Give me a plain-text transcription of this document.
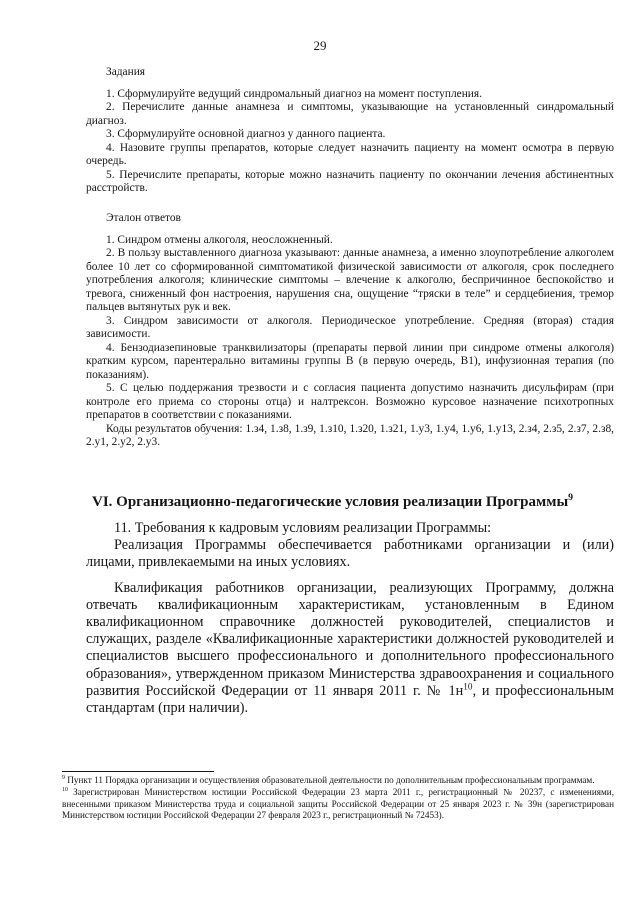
29

Задания

1. Сформулируйте ведущий синдромальный диагноз на момент поступления.

2. Перечислите данные анамнеза и симптомы, указывающие на установленный синдромальный диагноз.

3. Сформулируйте основной диагноз у данного пациента.

4. Назовите группы препаратов, которые следует назначить пациенту на момент осмотра в первую очередь.

5. Перечислите препараты, которые можно назначить пациенту по окончании лечения абстинентных расстройств.

Эталон ответов

1. Синдром отмены алкоголя, неосложненный.

2. В пользу выставленного диагноза указывают: данные анамнеза, а именно злоупотребление алкоголем более 10 лет со сформированной симптоматикой физической зависимости от алкоголя, срок последнего употребления алкоголя; клинические симптомы – влечение к алкоголю, беспричинное беспокойство и тревога, сниженный фон настроения, нарушения сна, ощущение “тряски в теле” и сердцебиения, тремор пальцев вытянутых рук и век.

3. Синдром зависимости от алкоголя. Периодическое употребление. Средняя (вторая) стадия зависимости.

4. Бензодиазепиновые транквилизаторы (препараты первой линии при синдроме отмены алкоголя) кратким курсом, парентерально витамины группы В (в первую очередь, В1), инфузионная терапия (по показаниям).

5. С целью поддержания трезвости и с согласия пациента допустимо назначить дисульфирам (при контроле его приема со стороны отца) и налтрексон. Возможно курсовое назначение психотропных препаратов в соответствии с показаниями.

Коды результатов обучения: 1.з4, 1.з8, 1.з9, 1.з10, 1.з20, 1.з21, 1.у3, 1.у4, 1.у6, 1.у13, 2.з4, 2.з5, 2.з7, 2.з8, 2.у1, 2.у2, 2.у3.

VI. Организационно-педагогические условия реализации Программы$^9$

11. Требования к кадровым условиям реализации Программы:

Реализация Программы обеспечивается работниками организации и (или) лицами, привлекаемыми на иных условиях.

Квалификация работников организации, реализующих Программу, должна отвечать квалификационным характеристикам, установленным в Едином квалификационном справочнике должностей руководителей, специалистов и служащих, разделе «Квалификационные характеристики должностей руководителей и специалистов высшего профессионального и дополнительного профессионального образования», утвержденном приказом Министерства здравоохранения и социального развития Российской Федерации от 11 января 2011 г. № $1н^{10}$, и профессиональным стандартам (при наличии).

$^9$ Пункт 11 Порядка организации и осуществления образовательной деятельности по дополнительным профессиональным программам.

$^{10}$ Зарегистрирован Министерством юстиции Российской Федерации 23 марта 2011 г., регистрационный № 20237, с изменениями, внесенными приказом Министерства труда и социальной защиты Российской Федерации от 25 января 2023 г. № 39н (зарегистрирован Министерством юстиции Российской Федерации 27 февраля 2023 г., регистрационный № 72453).
